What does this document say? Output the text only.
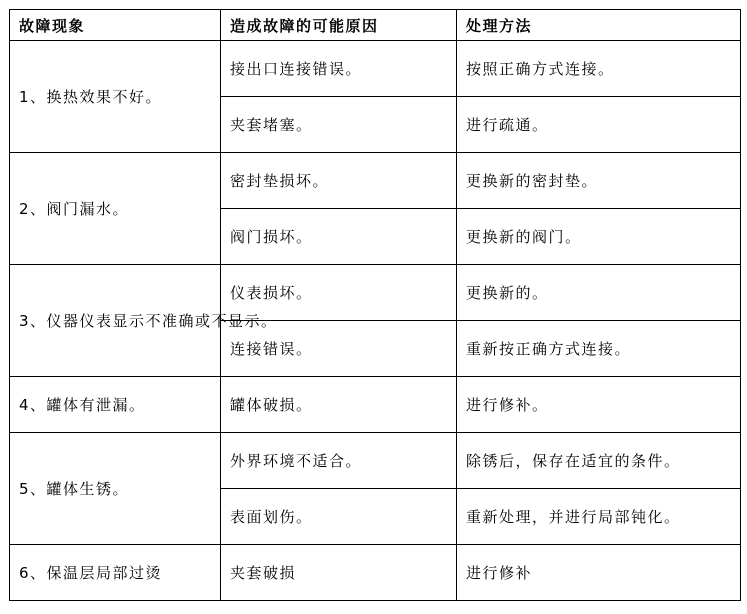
故障现象	造成故障的可能原因	处理方法
1、换热效果不好。	接出口连接错误。	按照正确方式连接。
	夹套堵塞。	进行疏通。
2、阀门漏水。	密封垫损坏。	更换新的密封垫。
	阀门损坏。	更换新的阀门。
3、仪器仪表显示不准确或不显示。	仪表损坏。	更换新的。
	连接错误。	重新按正确方式连接。
4、罐体有泄漏。	罐体破损。	进行修补。
5、罐体生锈。	外界环境不适合。	除锈后，保存在适宜的条件。
	表面划伤。	重新处理，并进行局部钝化。
6、保温层局部过烫	夹套破损	进行修补
